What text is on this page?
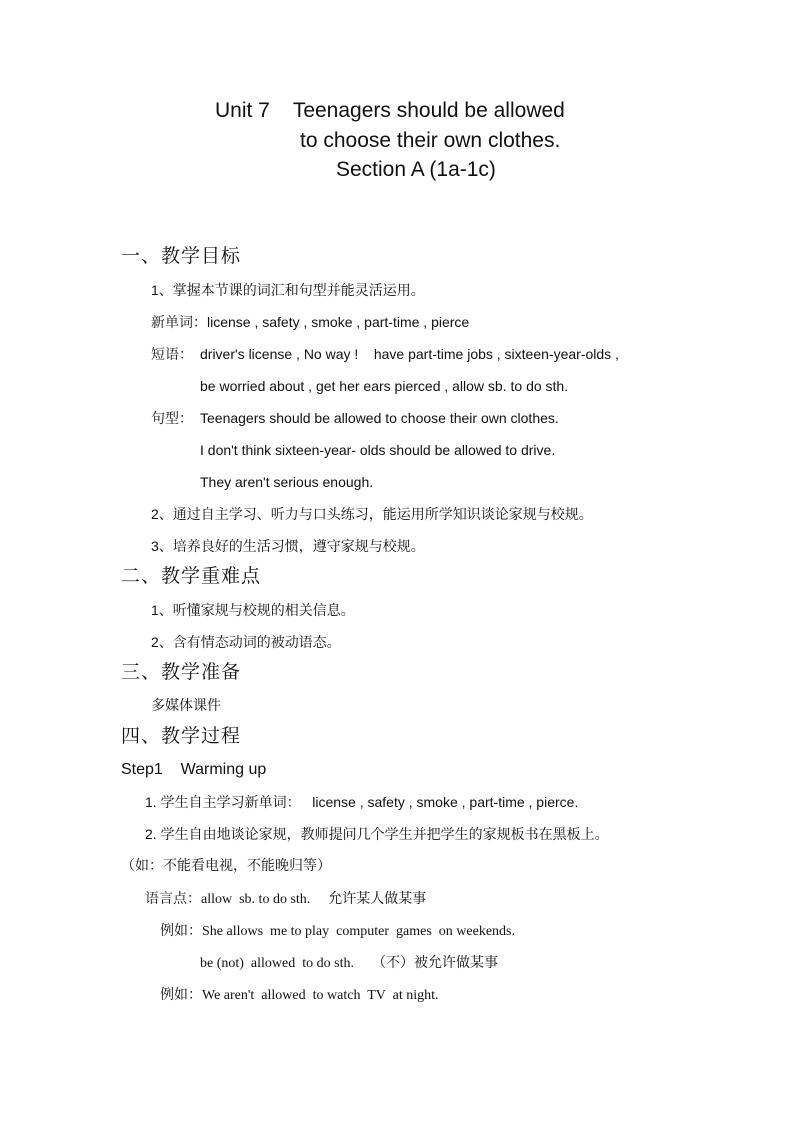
Unit 7    Teenagers should be allowed
to choose their own clothes.
Section A (1a-1c)
一、教学目标
1、掌握本节课的词汇和句型并能灵活运用。
新单词：license , safety , smoke , part-time , pierce
短语： driver's license , No way !    have part-time jobs , sixteen-year-olds ,
be worried about , get her ears pierced , allow sb. to do sth.
句型： Teenagers should be allowed to choose their own clothes.
I don't think sixteen-year- olds should be allowed to drive.
They aren't serious enough.
2、通过自主学习、听力与口头练习，能运用所学知识谈论家规与校规。
3、培养良好的生活习惯，遵守家规与校规。
二、教学重难点
1、听懂家规与校规的相关信息。
2、含有情态动词的被动语态。
三、教学准备
多媒体课件
四、教学过程
Step1    Warming up
1. 学生自主学习新单词：   license , safety , smoke , part-time , pierce.
2. 学生自由地谈论家规，教师提问几个学生并把学生的家规板书在黑板上。
（如：不能看电视，不能晚归等）
语言点：allow  sb. to do sth. 允许某人做某事
例如：She allows  me to play  computer  games  on weekends.
be (not)  allowed  to do sth. （不）被允许做某事
例如：We aren't  allowed  to watch  TV  at night.
